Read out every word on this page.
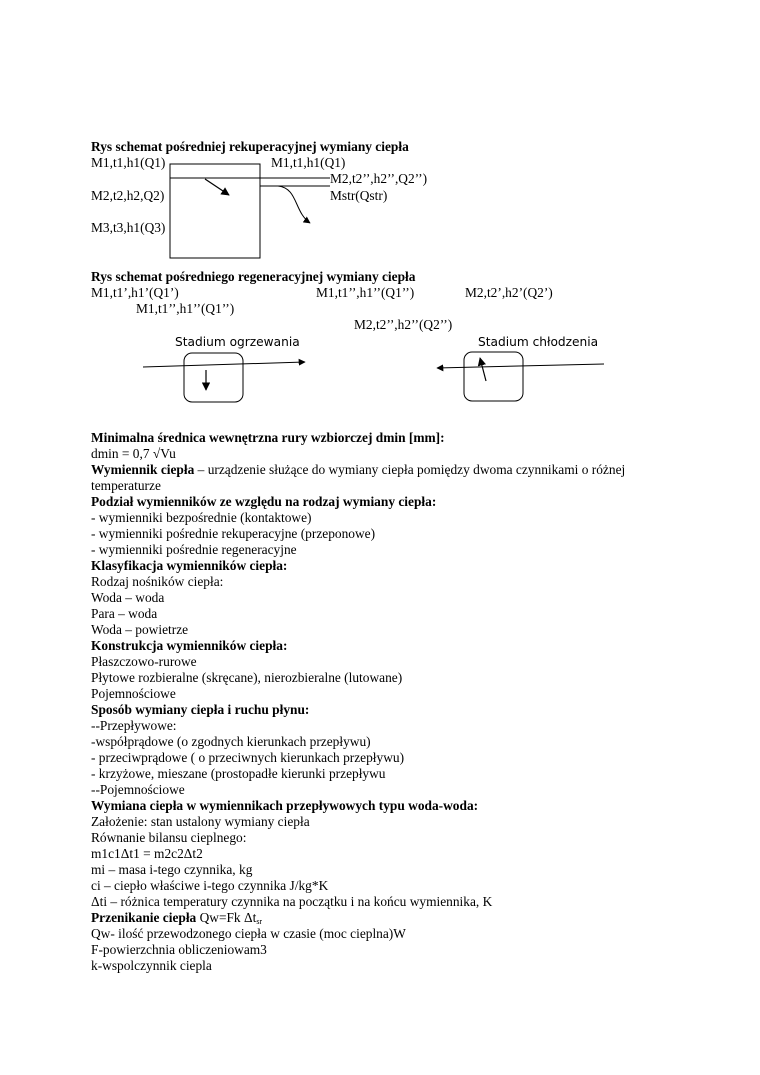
Rys schemat pośredniej rekuperacyjnej wymiany ciepła
M1,t1,h1(Q1)	M1,t1,h1(Q1)
M2,t2’’,h2’’,Q2’’)
M2,t2,h2,Q2)	Mstr(Qstr)
M3,t3,h1(Q3)
Rys schemat pośredniego regeneracyjnej wymiany ciepła
M1,t1’,h1’(Q1’)	M1,t1’’,h1’’(Q1’’)	M2,t2’,h2’(Q2’)
M1,t1’’,h1’’(Q1’’)
M2,t2’’,h2’’(Q2’’)
Stadium ogrzewania	Stadium chłodzenia
Minimalna średnica wewnętrzna rury wzbiorczej dmin [mm]:
dmin = 0,7 √Vu
Wymiennik ciepła – urządzenie służące do wymiany ciepła pomiędzy dwoma czynnikami o różnej
temperaturze
Podział wymienników ze względu na rodzaj wymiany ciepła:
- wymienniki bezpośrednie (kontaktowe)
- wymienniki pośrednie rekuperacyjne (przeponowe)
- wymienniki pośrednie regeneracyjne
Klasyfikacja wymienników ciepła:
Rodzaj nośników ciepła:
Woda – woda
Para – woda
Woda – powietrze
Konstrukcja wymienników ciepła:
Płaszczowo-rurowe
Płytowe rozbieralne (skręcane), nierozbieralne (lutowane)
Pojemnościowe
Sposób wymiany ciepła i ruchu płynu:
--Przepływowe:
-współprądowe (o zgodnych kierunkach przepływu)
- przeciwprądowe ( o przeciwnych kierunkach przepływu)
- krzyżowe, mieszane (prostopadłe kierunki przepływu
--Pojemnościowe
Wymiana ciepła w wymiennikach przepływowych typu woda-woda:
Założenie: stan ustalony wymiany ciepła
Równanie bilansu cieplnego:
m1c1Δt1 = m2c2Δt2
mi – masa i-tego czynnika, kg
ci – ciepło właściwe i-tego czynnika J/kg*K
Δti – różnica temperatury czynnika na początku i na końcu wymiennika, K
Przenikanie ciepła Qw=Fk $\Delta t_{sr}$
Qw- ilość przewodzonego ciepła w czasie (moc cieplna)W
F-powierzchnia obliczeniowam3
k-wspolczynnik ciepla
